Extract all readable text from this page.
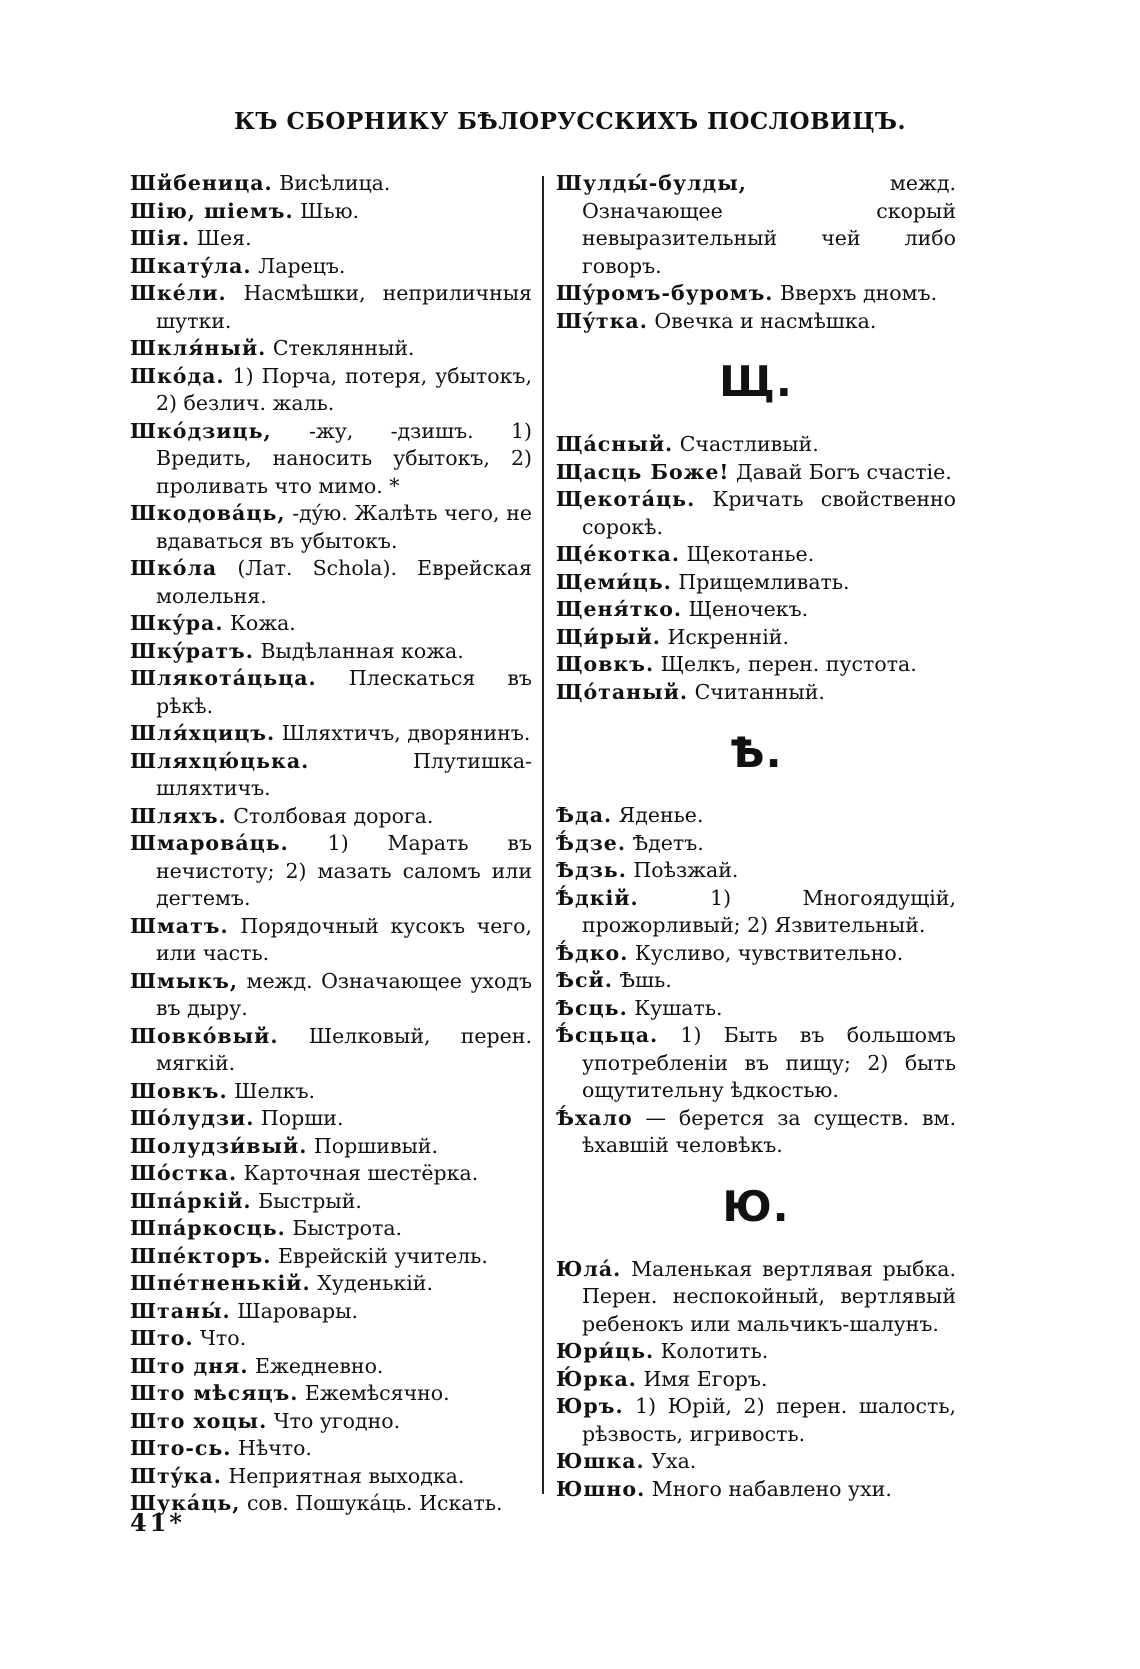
КЪ СБОРНИКУ БѢЛОРУССКИХЪ ПОСЛОВИЦЪ.

Шйбеница. Висѣлица.

Шію, шіемъ. Шью.

Шія. Шея.

Шкатýла. Ларецъ.

Шкéли. Насмѣшки, неприличныя шутки.

Шкля́ный. Стеклянный.

Шкóда. 1) Порча, потеря, убытокъ, 2) безлич. жаль.

Шкóдзиць, -жу, -дзишъ. 1) Вредить, наносить убытокъ, 2) проливать что мимо. *

Шкодовáць, -дýю. Жалѣть чего, не вдаваться въ убытокъ.

Шкóла (Лат. Schola). Еврейская молельня.

Шкýра. Кожа.

Шкýратъ. Выдѣланная кожа.

Шлякотáцьца. Плескаться въ рѣкѣ.

Шля́хцицъ. Шляхтичъ, дворянинъ.

Шляхцю́цька.	Плутишка-шляхтичъ.

Шляхъ. Столбовая дорога.

Шмаровáць. 1) Марать въ нечистоту; 2) мазать саломъ или дегтемъ.

Шматъ. Порядочный кусокъ чего, или часть.

Шмыкъ, межд. Означающее уходъ въ дыру.

Шовкóвый. Шелковый, перен. мягкій.

Шовкъ. Шелкъ.

Шóлудзи. Порши.

Шолудзи́вый. Поршивый.

Шóстка. Карточная шестёрка.

Шпáркій. Быстрый.

Шпáркосць. Быстрота.

Шпéкторъ. Еврейскій учитель.

Шпéтненькій. Худенькій.

Штаны́. Шаровары.

Што. Что.

Што дня. Ежедневно.

Што мѣсяцъ. Ежемѣсячно.

Што хоцы. Что угодно.

Што-сь. Нѣчто.

Штýка. Неприятная выходка.

Шукáць, сов. Пошукáць. Искать.

Шулды́-булды,	межд. Означающее скорый невыразительный чей либо говоръ.

Шýромъ-буромъ. Вверхъ дномъ.

Шýтка. Овечка и насмѣшка.

Щ.

Щáсный. Счастливый.

Щасць Боже! Давай Богъ счастіе.

Щекотáць. Кричать свойственно сорокѣ.

Щéкотка. Щекотанье.

Щеми́ць. Прищемливать.

Щеня́тко. Щеночекъ.

Щи́рый. Искренній.

Щовкъ. Щелкъ, перен. пустота.

Щóтаный. Считанный.

Ѣ.

Ѣда. Яденье.

Ѣ́дзе. Ѣдетъ.

Ѣдзь. Поѣзжай.

Ѣ́дкій.	1) Многоядущій, прожорливый; 2) Язвительный.

Ѣ́дко. Кусливо, чувствительно.

Ѣсй. Ѣшь.

Ѣсць. Кушать.

Ѣ́сцьца. 1) Быть въ большомъ употребленіи въ пищу; 2) быть ощутительну ѣдкостью.

Ѣ́хало — берется за существ. вм. ѣхавшій человѣкъ.

Ю.

Юлá. Маленькая вертлявая рыбка. Перен. неспокойный, вертлявый ребенокъ или мальчикъ-шалунъ.

Юри́ць. Колотить.

Ю́рка. Имя Егоръ.

Юръ. 1) Юрій, 2) перен. шалость, рѣзвость, игривость.

Юшка. Уха.

Юшно. Много набавлено ухи.

41*
